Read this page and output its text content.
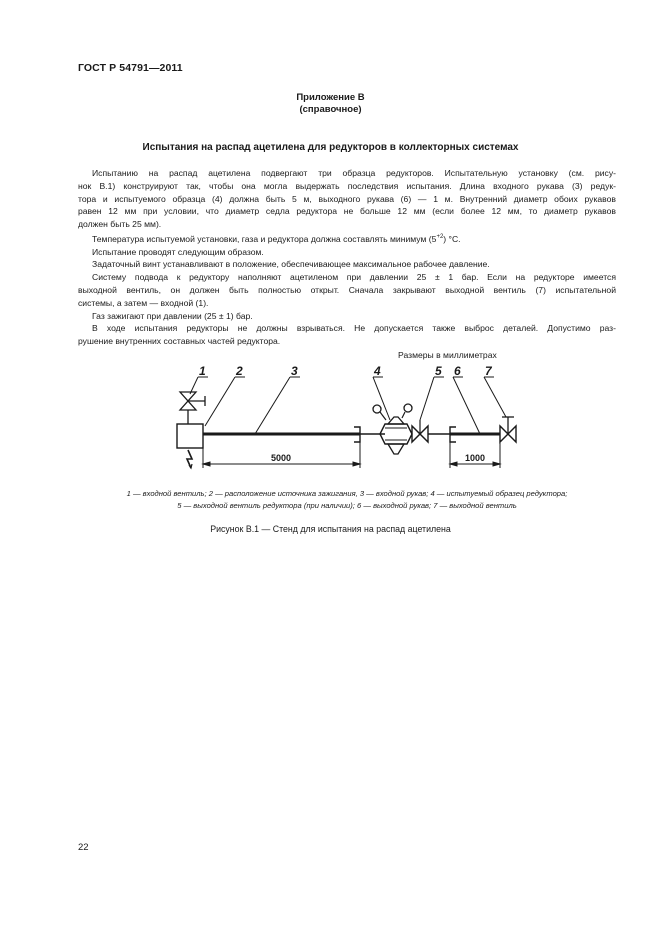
ГОСТ Р 54791—2011
Приложение В
(справочное)
Испытания на распад ацетилена для редукторов в коллекторных системах

Испытанию на распад ацетилена подвергают три образца редукторов. Испытательную установку (см. рису-

нок В.1) конструируют так, чтобы она могла выдержать последствия испытания. Длина входного рукава (3) редук-

тора и испытуемого образца (4) должна быть 5 м, выходного рукава (6) — 1 м. Внутренний диаметр обоих рукавов

равен 12 мм при условии, что диаметр седла редуктора не больше 12 мм (если более 12 мм, то диаметр рукавов

должен быть 25 мм).

Температура испытуемой установки, газа и редуктора должна составлять минимум $(5^{+2})$ °С.

Испытание проводят следующим образом.

Задаточный винт устанавливают в положение, обеспечивающее максимальное рабочее давление.

Систему подвода к редуктору наполняют ацетиленом при давлении 25 ± 1 бар. Если на редукторе имеется

выходной вентиль, он должен быть полностью открыт. Сначала закрывают выходной вентиль (7) испытательной

системы, а затем — входной (1).

Газ зажигают при давлении (25 ± 1) бар.

В ходе испытания редукторы не должны взрываться. Не допускается также выброс деталей. Допустимо раз-

рушение внутренних составных частей редуктора.

Размеры в миллиметрах
1	2	3	4	5 6 7
5000	1000
1 — входной вентиль; 2 — расположение источника зажигания, 3 — входной рукав; 4 — испытуемый образец редуктора;
5 — выходной вентиль редуктора (при наличии); 6 — выходной рукав; 7 — выходной вентиль
Рисунок В.1 — Стенд для испытания на распад ацетилена
22
